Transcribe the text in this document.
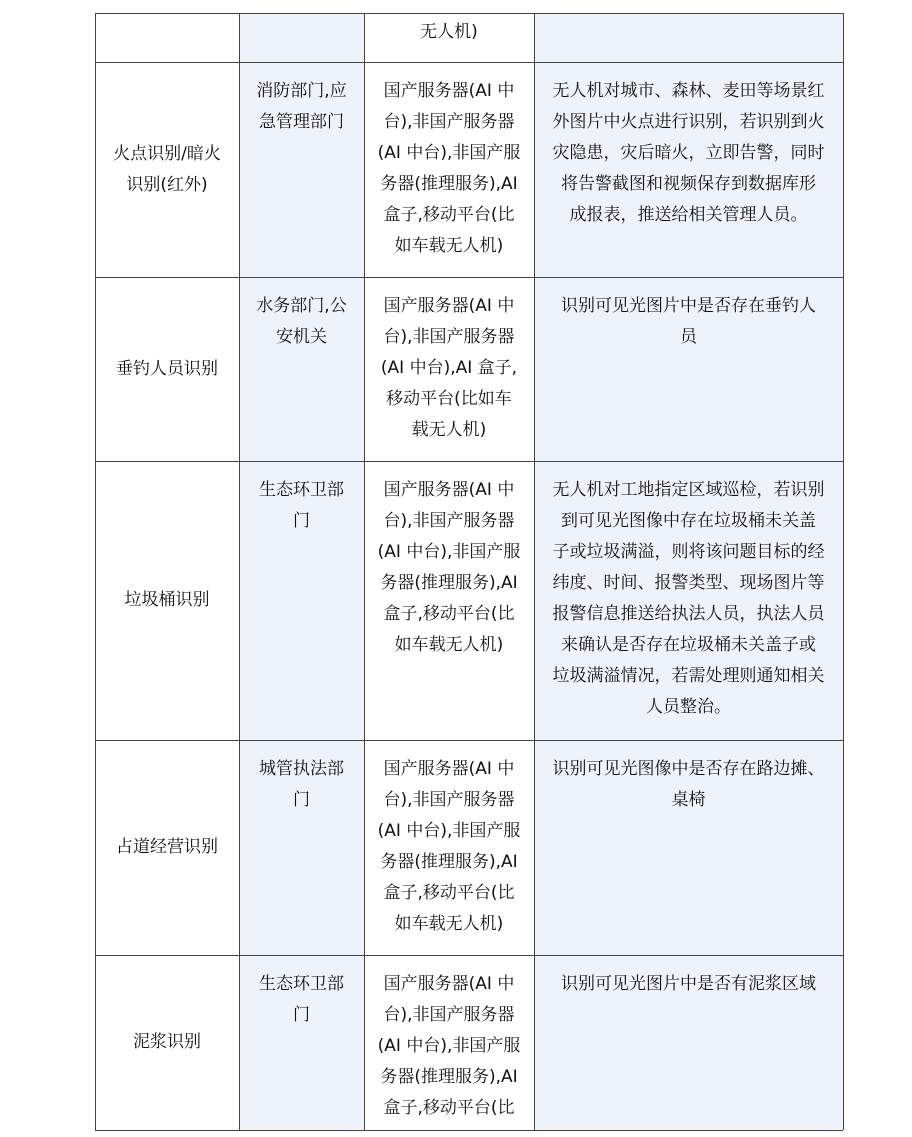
无人机)
火点识别/暗火
识别(红外)
消防部门,应
急管理部门
国产服务器(AI 中
台),非国产服务器
(AI 中台),非国产服
务器(推理服务),AI
盒子,移动平台(比
如车载无人机)
无人机对城市、森林、麦田等场景红
外图片中火点进行识别，若识别到火
灾隐患，灾后暗火，立即告警，同时
将告警截图和视频保存到数据库形
成报表，推送给相关管理人员。
垂钓人员识别
水务部门,公
安机关
国产服务器(AI 中
台),非国产服务器
(AI 中台),AI 盒子,
移动平台(比如车
载无人机)
识别可见光图片中是否存在垂钓人
员
垃圾桶识别
生态环卫部
门
国产服务器(AI 中
台),非国产服务器
(AI 中台),非国产服
务器(推理服务),AI
盒子,移动平台(比
如车载无人机)
无人机对工地指定区域巡检，若识别
到可见光图像中存在垃圾桶未关盖
子或垃圾满溢，则将该问题目标的经
纬度、时间、报警类型、现场图片等
报警信息推送给执法人员，执法人员
来确认是否存在垃圾桶未关盖子或
垃圾满溢情况，若需处理则通知相关
人员整治。
占道经营识别
城管执法部
门
国产服务器(AI 中
台),非国产服务器
(AI 中台),非国产服
务器(推理服务),AI
盒子,移动平台(比
如车载无人机)
识别可见光图像中是否存在路边摊、
桌椅
泥浆识别
生态环卫部
门
国产服务器(AI 中
台),非国产服务器
(AI 中台),非国产服
务器(推理服务),AI
盒子,移动平台(比
识别可见光图片中是否有泥浆区域
